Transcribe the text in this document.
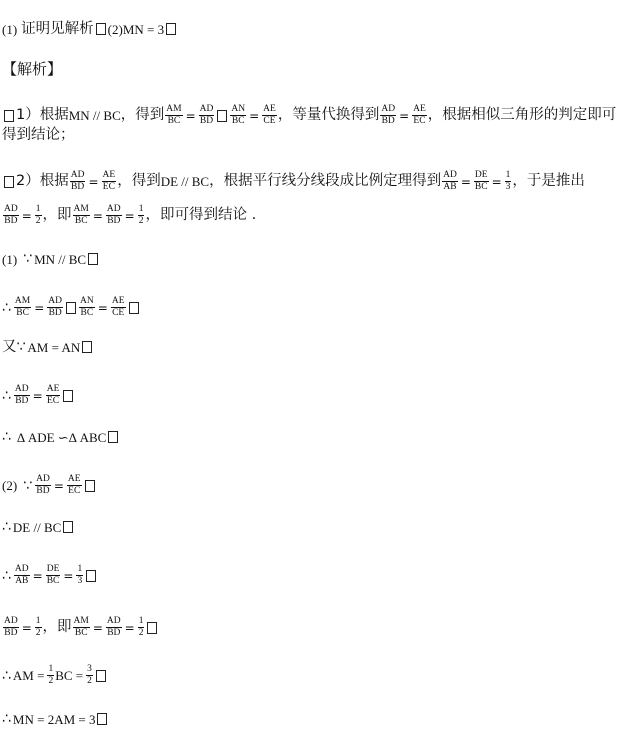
(1) 证明见解析 (2)MN = 3
【解析】
1）根据 MN // BC ，得到 $\frac{AM}{BC} = \frac{AD}{BD} \frac{AN}{BC} = \frac{AE}{CE}$ ，等量代换得到 $\frac{AD}{BD} = \frac{AE}{EC}$ ，根据相似三角形的判定即可
得到结论；
2）根据 $\frac{AD}{BD} = \frac{AE}{EC}$ ，得到 DE // BC ，根据平行线分线段成比例定理得到 $\frac{AD}{AB} = \frac{DE}{BC} = \frac{1}{3}$ ，于是推出
$\frac{AD}{BD} = \frac{1}{2}$ ，即 $\frac{AM}{BC} = \frac{AD}{BD} = \frac{1}{2}$ ，即可得到结论 .
(1) ∵ MN // BC
∴ $\frac{AM}{BC} = \frac{AD}{BD} \frac{AN}{BC} = \frac{AE}{CE}$
又 ∵ AM = AN
∴ $\frac{AD}{BD} = \frac{AE}{EC}$
∴ Δ ADE ∽Δ ABC
(2) ∵ $\frac{AD}{BD} = \frac{AE}{EC}$
∴ DE // BC
∴ $\frac{AD}{AB} = \frac{DE}{BC} = \frac{1}{3}$
$\frac{AD}{BD} = \frac{1}{2}$ ，即 $\frac{AM}{BC} = \frac{AD}{BD} = \frac{1}{2}$
∴ AM = $\frac{1}{2}$ BC = $\frac{3}{2}$
∴ MN = 2AM = 3
